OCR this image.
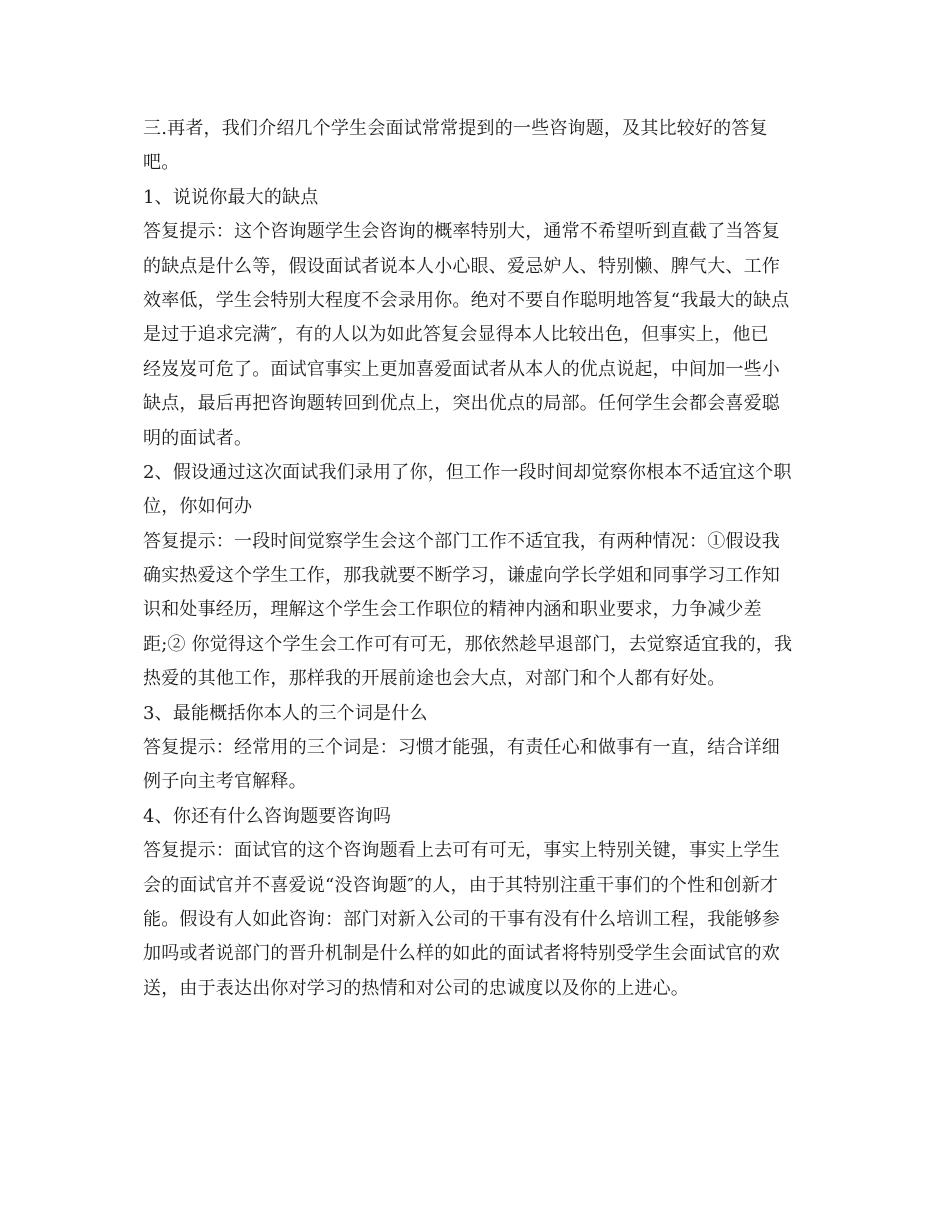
三.再者，我们介绍几个学生会面试常常提到的一些咨询题，及其比较好的答复
吧。
1、说说你最大的缺点
答复提示：这个咨询题学生会咨询的概率特别大，通常不希望听到直截了当答复
的缺点是什么等，假设面试者说本人小心眼、爱忌妒人、特别懒、脾气大、工作
效率低，学生会特别大程度不会录用你。绝对不要自作聪明地答复“我最大的缺点
是过于追求完满″，有的人以为如此答复会显得本人比较出色，但事实上，他已
经岌岌可危了。面试官事实上更加喜爱面试者从本人的优点说起，中间加一些小
缺点，最后再把咨询题转回到优点上，突出优点的局部。任何学生会都会喜爱聪
明的面试者。
2、假设通过这次面试我们录用了你，但工作一段时间却觉察你根本不适宜这个职
位，你如何办
答复提示：一段时间觉察学生会这个部门工作不适宜我，有两种情况：①假设我
确实热爱这个学生工作，那我就要不断学习，谦虚向学长学姐和同事学习工作知
识和处事经历，理解这个学生会工作职位的精神内涵和职业要求，力争减少差
距;② 你觉得这个学生会工作可有可无，那依然趁早退部门，去觉察适宜我的，我
热爱的其他工作，那样我的开展前途也会大点，对部门和个人都有好处。
3、最能概括你本人的三个词是什么
答复提示：经常用的三个词是：习惯才能强，有责任心和做事有一直，结合详细
例子向主考官解释。
4、你还有什么咨询题要咨询吗
答复提示：面试官的这个咨询题看上去可有可无，事实上特别关键，事实上学生
会的面试官并不喜爱说“没咨询题″的人，由于其特别注重干事们的个性和创新才
能。假设有人如此咨询：部门对新入公司的干事有没有什么培训工程，我能够参
加吗或者说部门的晋升机制是什么样的如此的面试者将特别受学生会面试官的欢
送，由于表达出你对学习的热情和对公司的忠诚度以及你的上进心。
